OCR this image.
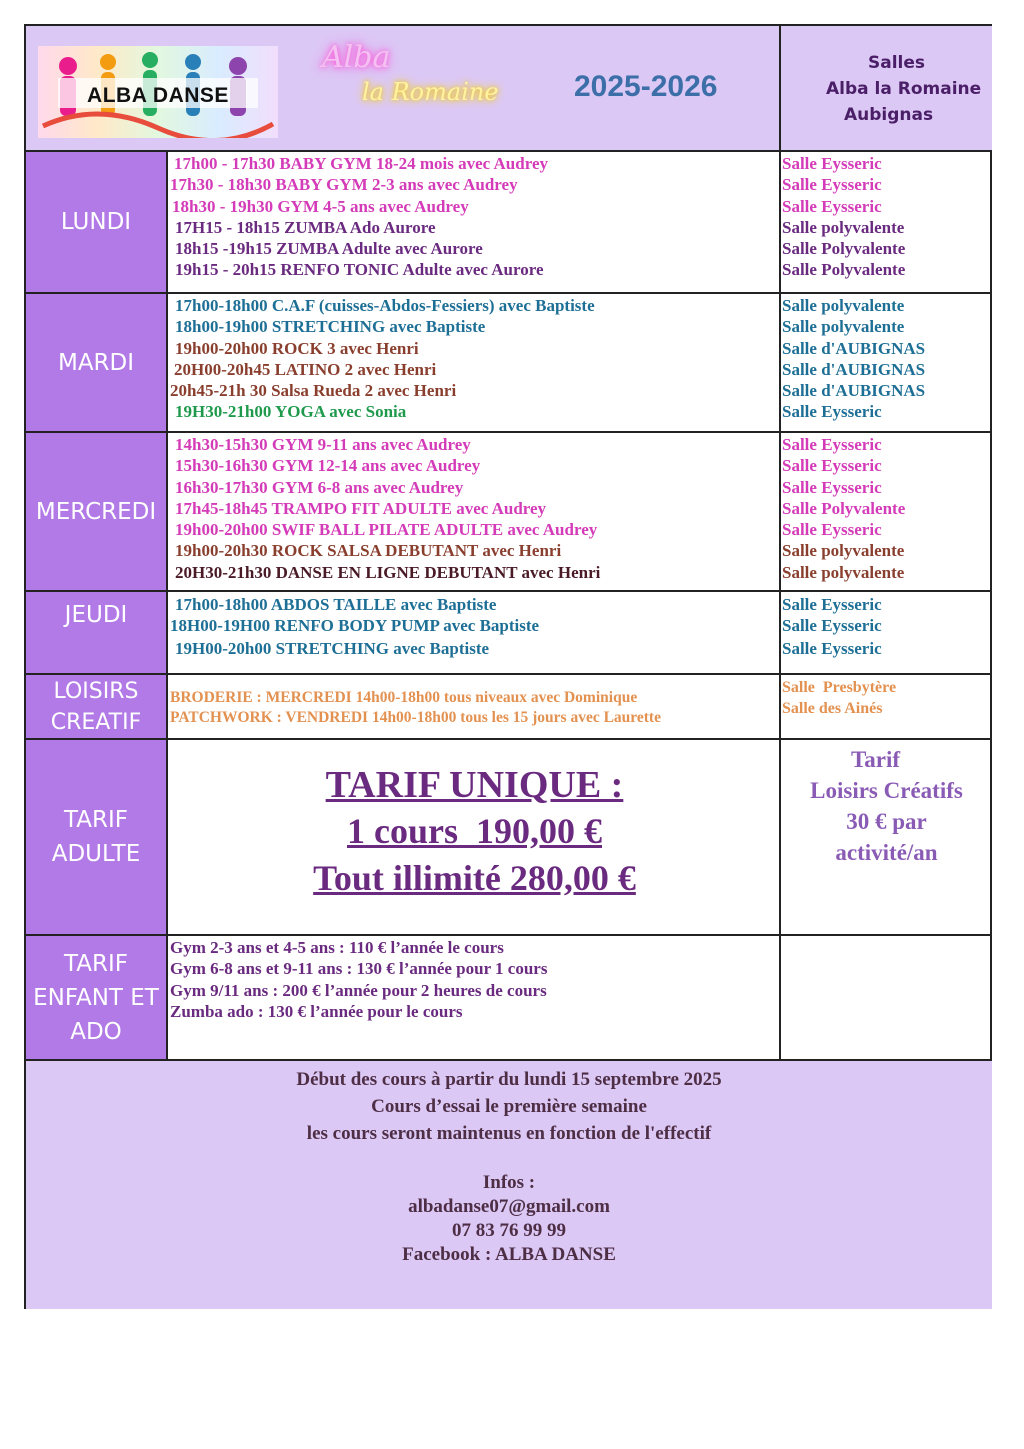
ALBA DANSE
Alba
la Romaine	2025-2026
Salles
Alba la Romaine
Aubignas
LUNDI
17h00 - 17h30 BABY GYM 18-24 mois avec Audrey
17h30 - 18h30 BABY GYM 2-3 ans avec Audrey
18h30 - 19h30 GYM 4-5 ans avec Audrey
17H15 - 18h15 ZUMBA Ado Aurore
18h15 -19h15 ZUMBA Adulte avec Aurore
19h15 - 20h15 RENFO TONIC Adulte avec Aurore
Salle Eysseric
Salle Eysseric
Salle Eysseric
Salle polyvalente
Salle Polyvalente
Salle Polyvalente
MARDI
17h00-18h00 C.A.F (cuisses-Abdos-Fessiers) avec Baptiste
18h00-19h00 STRETCHING avec Baptiste
19h00-20h00 ROCK 3 avec Henri
20H00-20h45 LATINO 2 avec Henri
20h45-21h 30 Salsa Rueda 2 avec Henri
19H30-21h00 YOGA avec Sonia
Salle polyvalente
Salle polyvalente
Salle d'AUBIGNAS
Salle d'AUBIGNAS
Salle d'AUBIGNAS
Salle Eysseric
MERCREDI
14h30-15h30 GYM 9-11 ans avec Audrey
15h30-16h30 GYM 12-14 ans avec Audrey
16h30-17h30 GYM 6-8 ans avec Audrey
17h45-18h45 TRAMPO FIT ADULTE avec Audrey
19h00-20h00 SWIF BALL PILATE ADULTE avec Audrey
19h00-20h30 ROCK SALSA DEBUTANT avec Henri
20H30-21h30 DANSE EN LIGNE DEBUTANT avec Henri
Salle Eysseric
Salle Eysseric
Salle Eysseric
Salle Polyvalente
Salle Eysseric
Salle polyvalente
Salle polyvalente
JEUDI	17h00-18h00 ABDOS TAILLE avec Baptiste
18H00-19H00 RENFO BODY PUMP avec Baptiste
19H00-20h00 STRETCHING avec Baptiste
Salle Eysseric
Salle Eysseric
Salle Eysseric
LOISIRS CREATIF
BRODERIE : MERCREDI 14h00-18h00 tous niveaux avec Dominique
PATCHWORK : VENDREDI 14h00-18h00 tous les 15 jours avec Laurette
Salle  Presbytère
Salle des Ainés
TARIF ADULTE
TARIF UNIQUE :
1 cours  190,00 €
Tout illimité 280,00 €
Tarif
Loisirs Créatifs
30 € par
activité/an
TARIF ENFANT ET ADO
Gym 2-3 ans et 4-5 ans : 110 € l’année le cours
Gym 6-8 ans et 9-11 ans : 130 € l’année pour 1 cours
Gym 9/11 ans : 200 € l’année pour 2 heures de cours
Zumba ado : 130 € l’année pour le cours
Début des cours à partir du lundi 15 septembre 2025
Cours d’essai le première semaine
les cours seront maintenus en fonction de l'effectif
Infos :
albadanse07@gmail.com
07 83 76 99 99
Facebook : ALBA DANSE
